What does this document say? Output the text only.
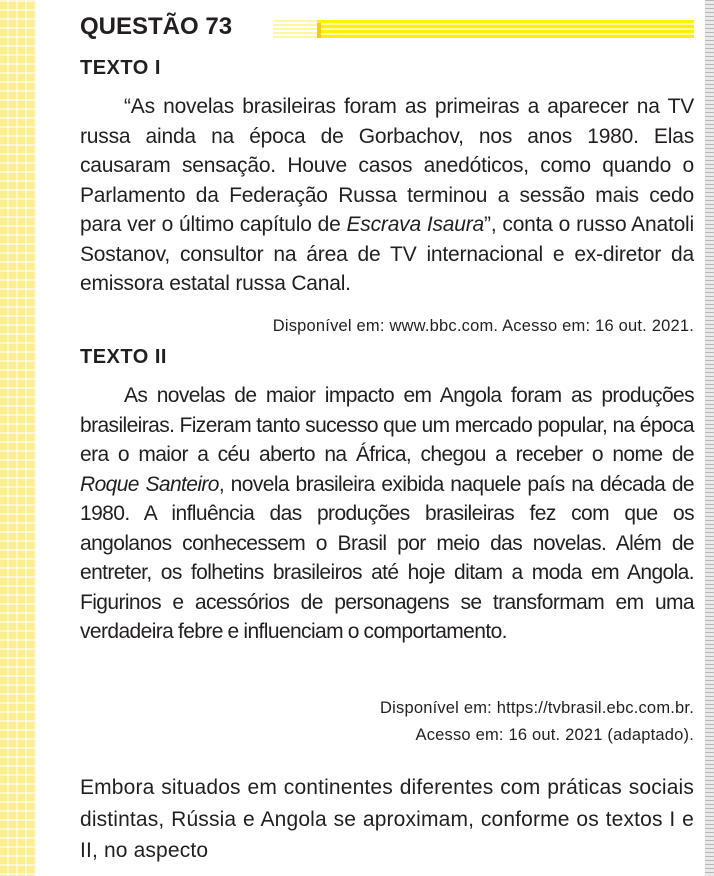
QUESTÃO 73
TEXTO I

“As novelas brasileiras foram as primeiras a aparecer na TV russa ainda na época de Gorbachov, nos anos 1980. Elas causaram sensação. Houve casos anedóticos, como quando o Parlamento da Federação Russa terminou a sessão mais cedo para ver o último capítulo de Escrava Isaura”, conta o russo Anatoli Sostanov, consultor na área de TV internacional e ex-diretor da emissora estatal russa Canal.

Disponível em: www.bbc.com. Acesso em: 16 out. 2021.

TEXTO II

As novelas de maior impacto em Angola foram as produções brasileiras. Fizeram tanto sucesso que um mercado popular, na época era o maior a céu aberto na África, chegou a receber o nome de Roque Santeiro, novela brasileira exibida naquele país na década de 1980. A influência das produções brasileiras fez com que os angolanos conhecessem o Brasil por meio das novelas. Além de entreter, os folhetins brasileiros até hoje ditam a moda em Angola. Figurinos e acessórios de personagens se transformam em uma verdadeira febre e influenciam o comportamento.

Disponível em: https://tvbrasil.ebc.com.br.
Acesso em: 16 out. 2021 (adaptado).

Embora situados em continentes diferentes com práticas sociais distintas, Rússia e Angola se aproximam, conforme os textos I e II, no aspecto
